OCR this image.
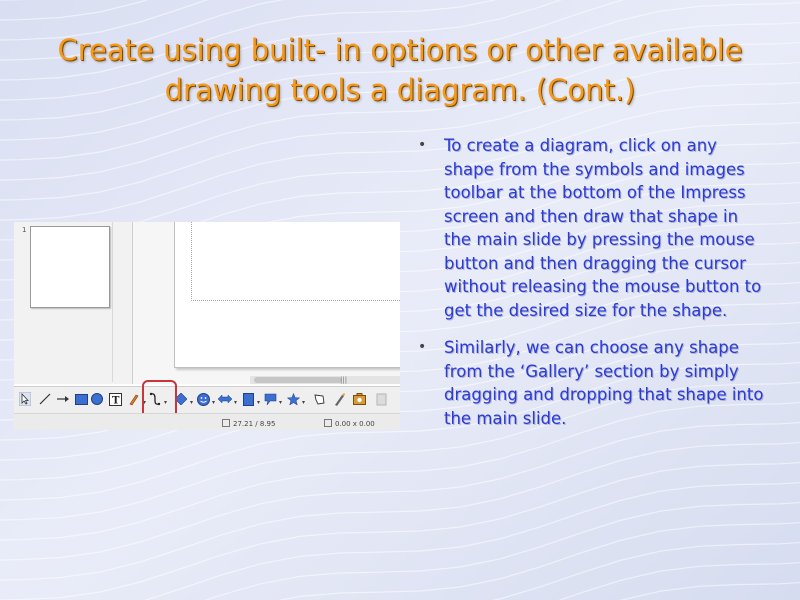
Create using built- in options or other available drawing tools a diagram. (Cont.)
• To create a diagram, click on any shape from the symbols and images toolbar at the bottom of the Impress screen and then draw that shape in the main slide by pressing the mouse button and then dragging the cursor without releasing the mouse button to get the desired size for the shape.
• Similarly, we can choose any shape from the ‘Gallery’ section by simply dragging and dropping that shape into the main slide.
1
|||
T	▾	▾	▾	▾	▾	▾	▾	▾
27.21 / 8.95	0.00 x 0.00
